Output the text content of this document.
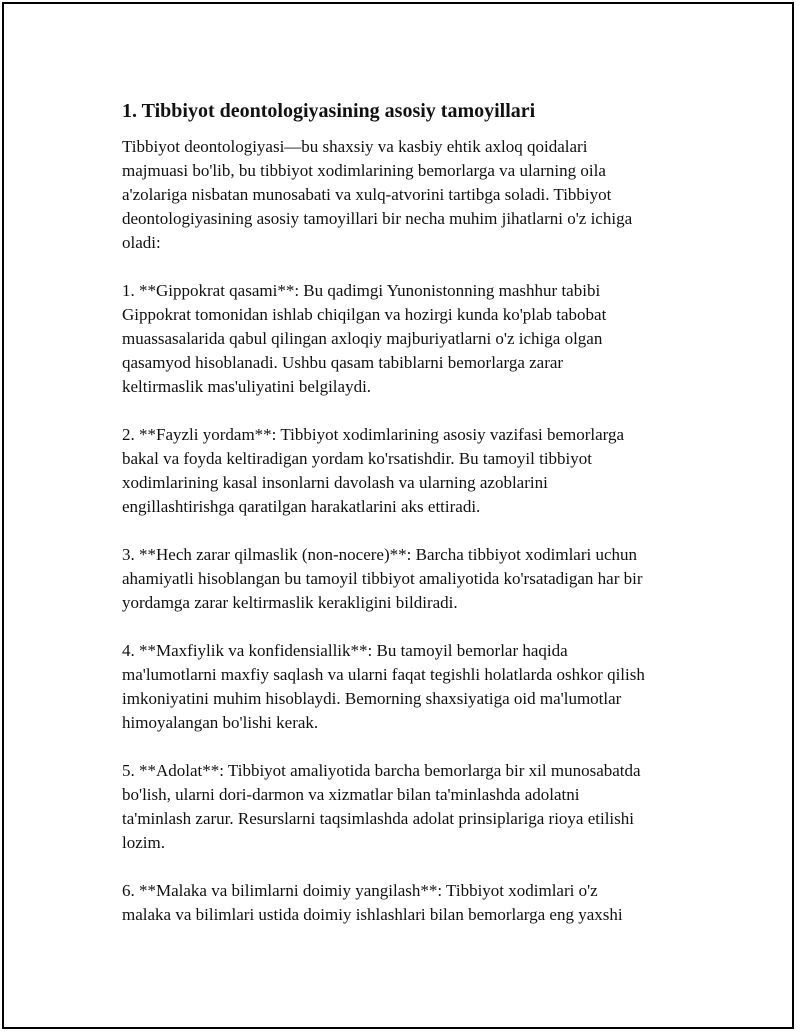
1. Tibbiyot deontologiyasining asosiy tamoyillari
Tibbiyot deontologiyasi—bu shaxsiy va kasbiy ehtik axloq qoidalari
majmuasi bo'lib, bu tibbiyot xodimlarining bemorlarga va ularning oila
a'zolariga nisbatan munosabati va xulq-atvorini tartibga soladi. Tibbiyot
deontologiyasining asosiy tamoyillari bir necha muhim jihatlarni o'z ichiga
oladi:
1. **Gippokrat qasami**: Bu qadimgi Yunonistonning mashhur tabibi
Gippokrat tomonidan ishlab chiqilgan va hozirgi kunda ko'plab tabobat
muassasalarida qabul qilingan axloqiy majburiyatlarni o'z ichiga olgan
qasamyod hisoblanadi. Ushbu qasam tabiblarni bemorlarga zarar
keltirmaslik mas'uliyatini belgilaydi.
2. **Fayzli yordam**: Tibbiyot xodimlarining asosiy vazifasi bemorlarga
bakal va foyda keltiradigan yordam ko'rsatishdir. Bu tamoyil tibbiyot
xodimlarining kasal insonlarni davolash va ularning azoblarini
engillashtirishga qaratilgan harakatlarini aks ettiradi.
3. **Hech zarar qilmaslik (non-nocere)**: Barcha tibbiyot xodimlari uchun
ahamiyatli hisoblangan bu tamoyil tibbiyot amaliyotida ko'rsatadigan har bir
yordamga zarar keltirmaslik kerakligini bildiradi.
4. **Maxfiylik va konfidensiallik**: Bu tamoyil bemorlar haqida
ma'lumotlarni maxfiy saqlash va ularni faqat tegishli holatlarda oshkor qilish
imkoniyatini muhim hisoblaydi. Bemorning shaxsiyatiga oid ma'lumotlar
himoyalangan bo'lishi kerak.
5. **Adolat**: Tibbiyot amaliyotida barcha bemorlarga bir xil munosabatda
bo'lish, ularni dori-darmon va xizmatlar bilan ta'minlashda adolatni
ta'minlash zarur. Resurslarni taqsimlashda adolat prinsiplariga rioya etilishi
lozim.
6. **Malaka va bilimlarni doimiy yangilash**: Tibbiyot xodimlari o'z
malaka va bilimlari ustida doimiy ishlashlari bilan bemorlarga eng yaxshi
